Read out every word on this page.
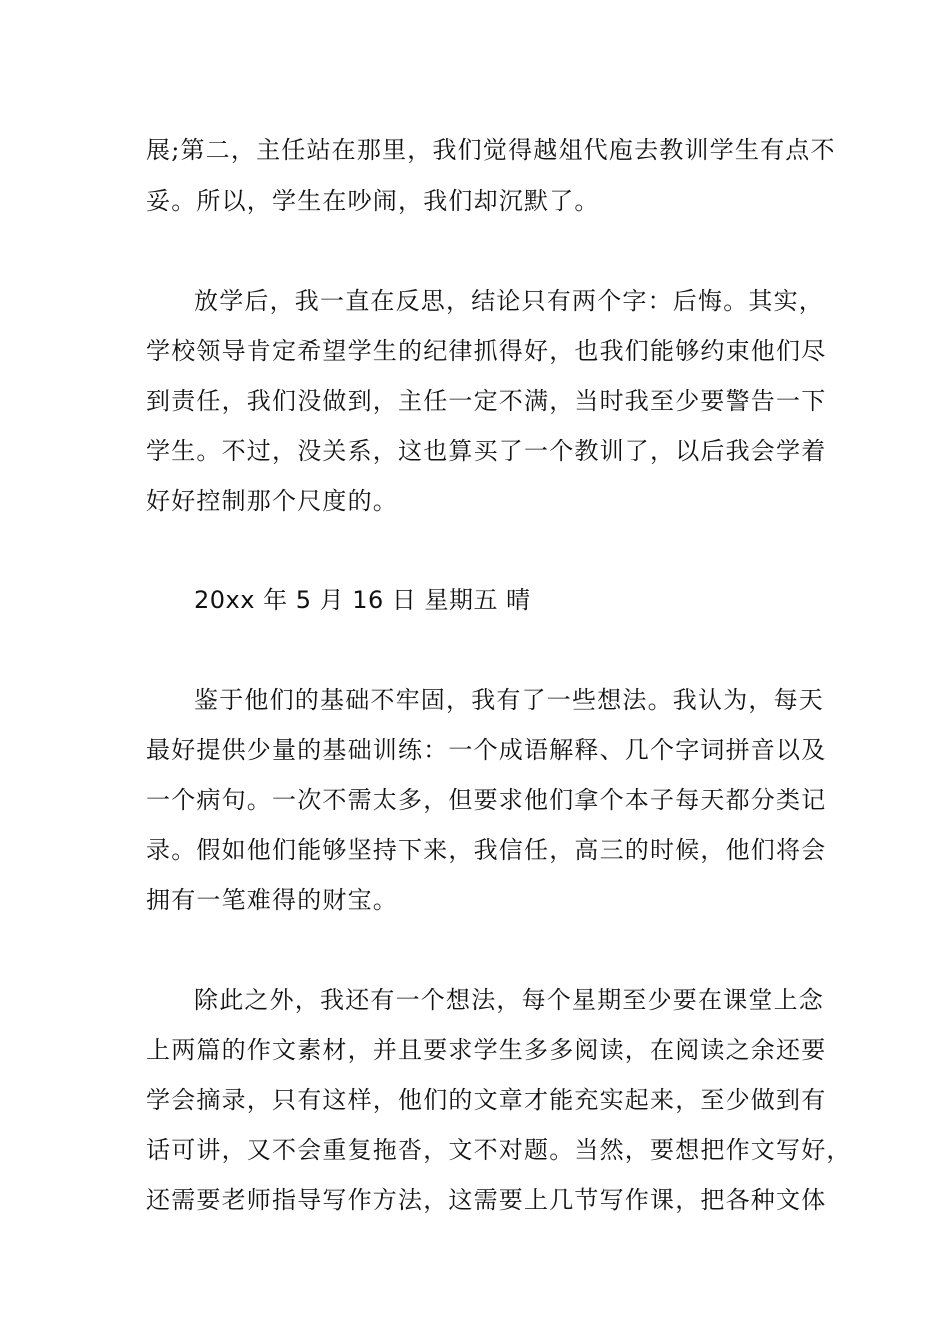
展;第二，主任站在那里，我们觉得越俎代庖去教训学生有点不
妥。所以，学生在吵闹，我们却沉默了。
放学后，我一直在反思，结论只有两个字：后悔。其实，
学校领导肯定希望学生的纪律抓得好，也我们能够约束他们尽
到责任，我们没做到，主任一定不满，当时我至少要警告一下
学生。不过，没关系，这也算买了一个教训了，以后我会学着
好好控制那个尺度的。
20xx 年 5 月 16 日 星期五 晴
鉴于他们的基础不牢固，我有了一些想法。我认为，每天
最好提供少量的基础训练：一个成语解释、几个字词拼音以及
一个病句。一次不需太多，但要求他们拿个本子每天都分类记
录。假如他们能够坚持下来，我信任，高三的时候，他们将会
拥有一笔难得的财宝。
除此之外，我还有一个想法，每个星期至少要在课堂上念
上两篇的作文素材，并且要求学生多多阅读，在阅读之余还要
学会摘录，只有这样，他们的文章才能充实起来，至少做到有
话可讲，又不会重复拖沓，文不对题。当然，要想把作文写好，
还需要老师指导写作方法，这需要上几节写作课，把各种文体
